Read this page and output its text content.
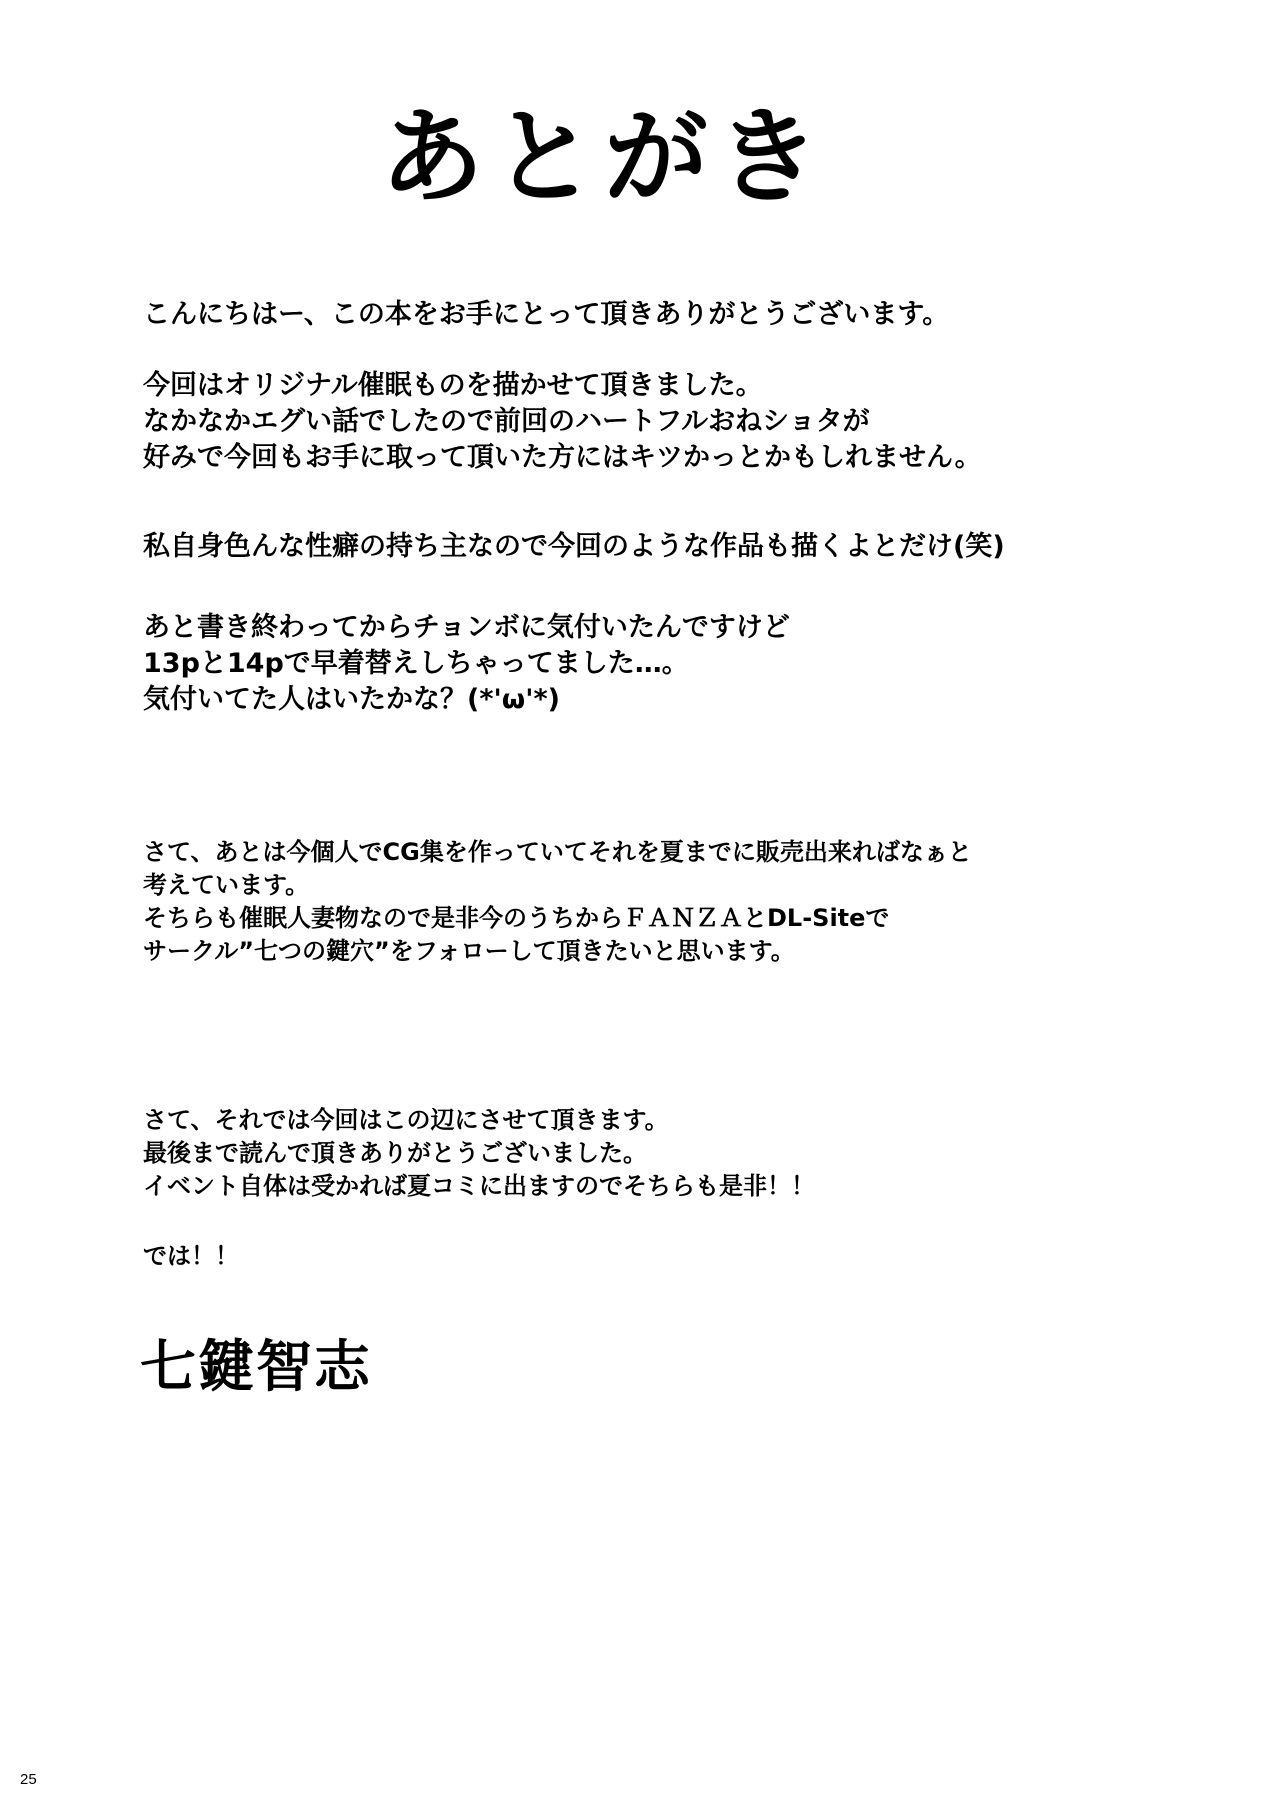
あとがき
こんにちはー、この本をお手にとって頂きありがとうございます。
今回はオリジナル催眠ものを描かせて頂きました。
なかなかエグい話でしたので前回のハートフルおねショタが
好みで今回もお手に取って頂いた方にはキツかっとかもしれません。
私自身色んな性癖の持ち主なので今回のような作品も描くよとだけ(笑)
あと書き終わってからチョンボに気付いたんですけど
13pと14pで早着替えしちゃってました…。
気付いてた人はいたかな？(*'ω'*)
さて、あとは今個人でCG集を作っていてそれを夏までに販売出来ればなぁと
考えています。
そちらも催眠人妻物なので是非今のうちからＦＡＮＺＡとDL-Siteで
サークル”七つの鍵穴”をフォローして頂きたいと思います。
さて、それでは今回はこの辺にさせて頂きます。
最後まで読んで頂きありがとうございました。
イベント自体は受かれば夏コミに出ますのでそちらも是非！！
では！！
七鍵智志
25
